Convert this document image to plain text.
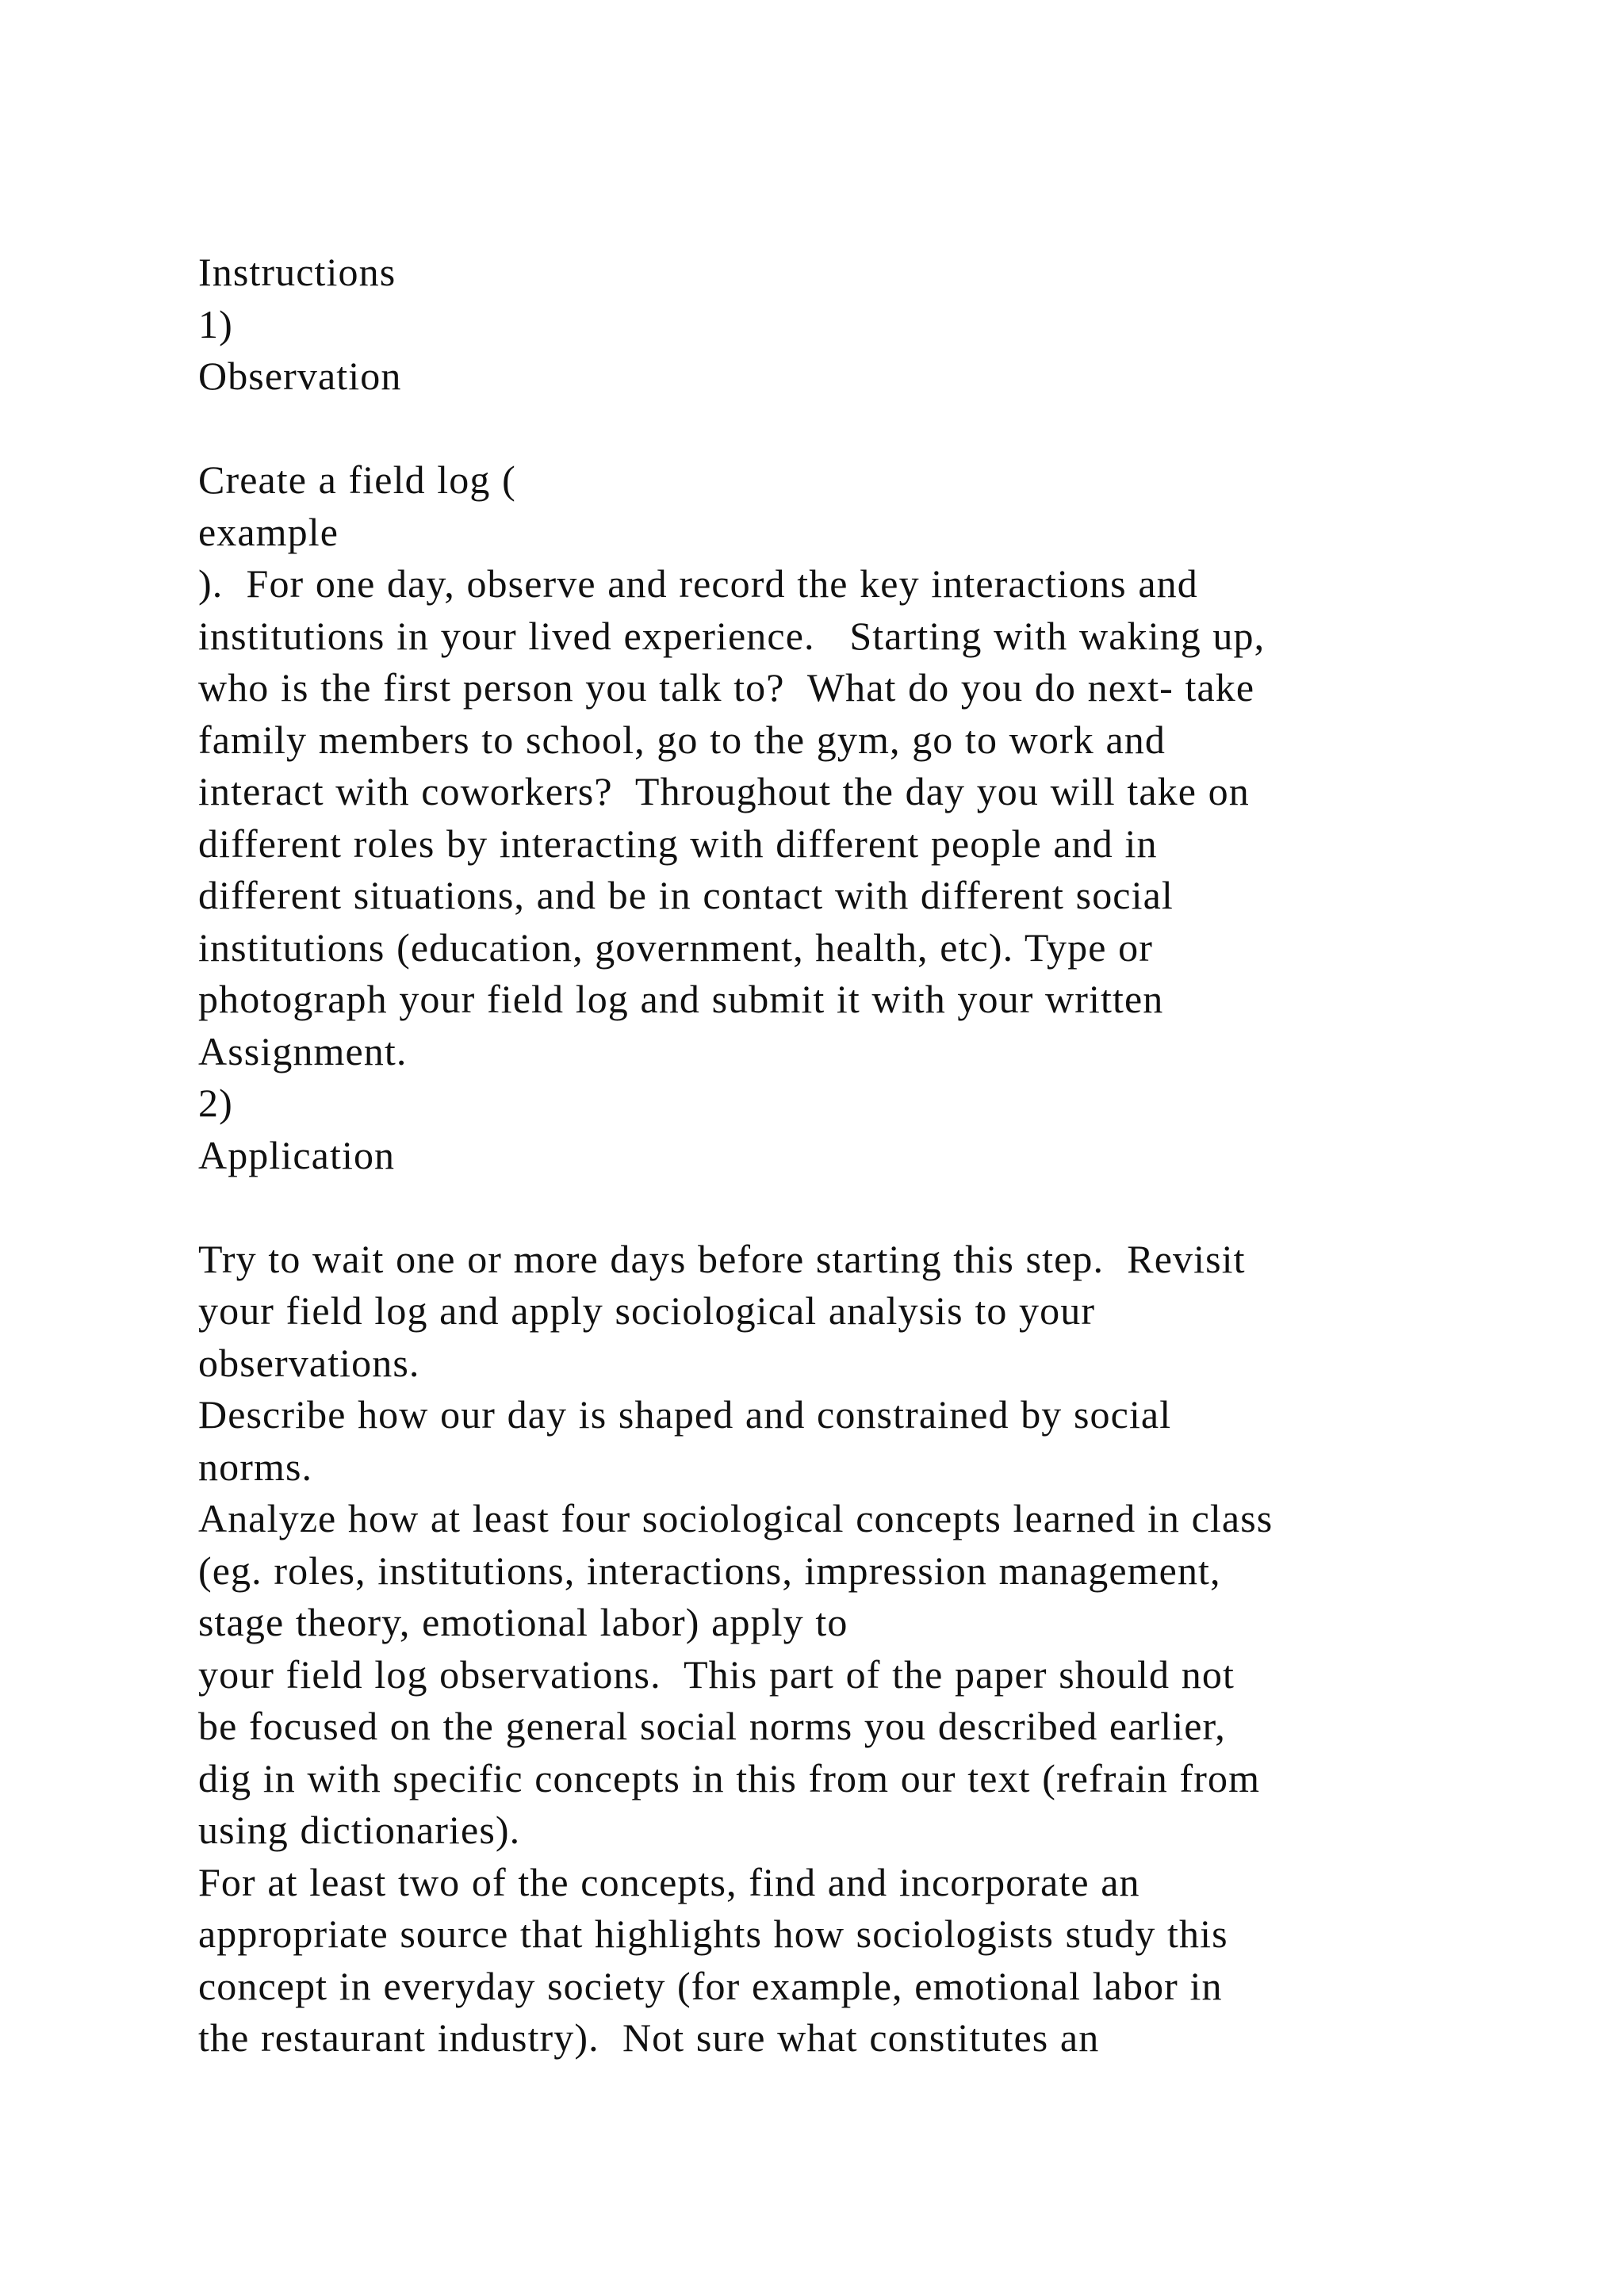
Instructions
1)
Observation
Create a field log (
example
).  For one day, observe and record the key interactions and
institutions in your lived experience.   Starting with waking up,
who is the first person you talk to?  What do you do next- take
family members to school, go to the gym, go to work and
interact with coworkers?  Throughout the day you will take on
different roles by interacting with different people and in
different situations, and be in contact with different social
institutions (education, government, health, etc). Type or
photograph your field log and submit it with your written
Assignment.
2)
Application
Try to wait one or more days before starting this step.  Revisit
your field log and apply sociological analysis to your
observations.
Describe how our day is shaped and constrained by social
norms.
Analyze how at least four sociological concepts learned in class
(eg. roles, institutions, interactions, impression management,
stage theory, emotional labor) apply to
your field log observations.  This part of the paper should not
be focused on the general social norms you described earlier,
dig in with specific concepts in this from our text (refrain from
using dictionaries).
For at least two of the concepts, find and incorporate an
appropriate source that highlights how sociologists study this
concept in everyday society (for example, emotional labor in
the restaurant industry).  Not sure what constitutes an
